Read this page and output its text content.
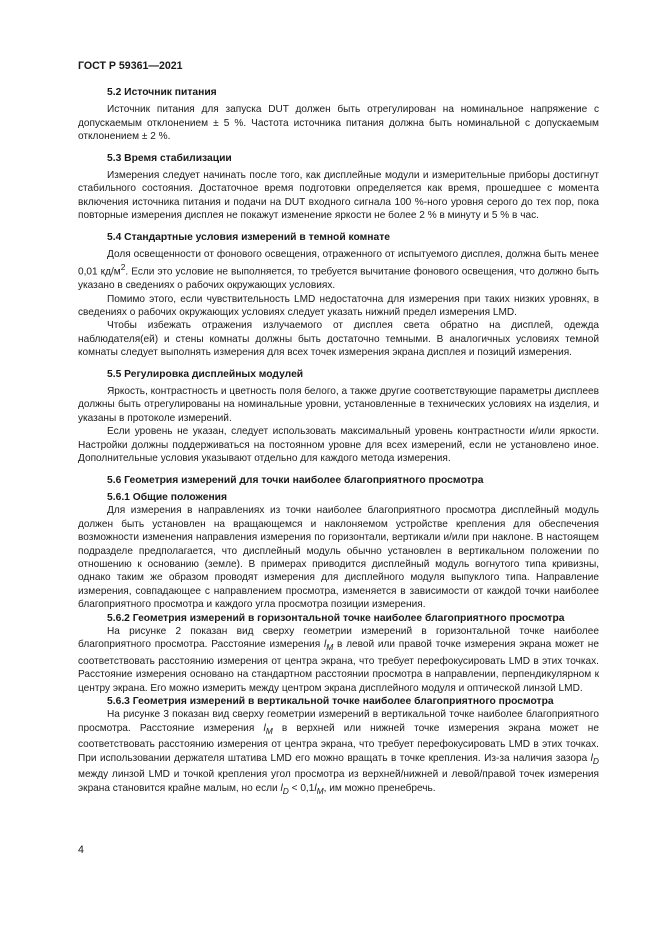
ГОСТ Р 59361—2021

5.2 Источник питания

Источник питания для запуска DUT должен быть отрегулирован на номинальное напряжение с допускаемым отклонением ± 5 %. Частота источника питания должна быть номинальной с допускаемым отклонением ± 2 %.

5.3 Время стабилизации

Измерения следует начинать после того, как дисплейные модули и измерительные приборы достигнут стабильного состояния. Достаточное время подготовки определяется как время, прошедшее с момента включения источника питания и подачи на DUT входного сигнала 100 %-ного уровня серого до тех пор, пока повторные измерения дисплея не покажут изменение яркости не более 2 % в минуту и 5 % в час.

5.4 Стандартные условия измерений в темной комнате

Доля освещенности от фонового освещения, отраженного от испытуемого дисплея, должна быть менее 0,01 $кд/м^2$. Если это условие не выполняется, то требуется вычитание фонового освещения, что должно быть указано в сведениях о рабочих окружающих условиях.

Помимо этого, если чувствительность LMD недостаточна для измерения при таких низких уровнях, в сведениях о рабочих окружающих условиях следует указать нижний предел измерения LMD.

Чтобы избежать отражения излучаемого от дисплея света обратно на дисплей, одежда наблюдателя(ей) и стены комнаты должны быть достаточно темными. В аналогичных условиях темной комнаты следует выполнять измерения для всех точек измерения экрана дисплея и позиций измерения.

5.5 Регулировка дисплейных модулей

Яркость, контрастность и цветность поля белого, а также другие соответствующие параметры дисплеев должны быть отрегулированы на номинальные уровни, установленные в технических условиях на изделия, и указаны в протоколе измерений.

Если уровень не указан, следует использовать максимальный уровень контрастности и/или яркости. Настройки должны поддерживаться на постоянном уровне для всех измерений, если не установлено иное. Дополнительные условия указывают отдельно для каждого метода измерения.

5.6 Геометрия измерений для точки наиболее благоприятного просмотра
5.6.1 Общие положения

Для измерения в направлениях из точки наиболее благоприятного просмотра дисплейный модуль должен быть установлен на вращающемся и наклоняемом устройстве крепления для обеспечения возможности изменения направления измерения по горизонтали, вертикали и/или при наклоне. В настоящем подразделе предполагается, что дисплейный модуль обычно установлен в вертикальном положении по отношению к основанию (земле). В примерах приводится дисплейный модуль вогнутого типа кривизны, однако таким же образом проводят измерения для дисплейного модуля выпуклого типа. Направление измерения, совпадающее с направлением просмотра, изменяется в зависимости от каждой точки наиболее благоприятного просмотра и каждого угла просмотра позиции измерения.

5.6.2 Геометрия измерений в горизонтальной точке наиболее благоприятного просмотра

На рисунке 2 показан вид сверху геометрии измерений в горизонтальной точке наиболее благоприятного просмотра. Расстояние измерения $l_M$ в левой или правой точке измерения экрана может не соответствовать расстоянию измерения от центра экрана, что требует перефокусировать LMD в этих точках. Расстояние измерения основано на стандартном расстоянии просмотра в направлении, перпендикулярном к центру экрана. Его можно измерить между центром экрана дисплейного модуля и оптической линзой LMD.

5.6.3 Геометрия измерений в вертикальной точке наиболее благоприятного просмотра

На рисунке 3 показан вид сверху геометрии измерений в вертикальной точке наиболее благоприятного просмотра. Расстояние измерения $l_M$ в верхней или нижней точке измерения экрана может не соответствовать расстоянию измерения от центра экрана, что требует перефокусировать LMD в этих точках. При использовании держателя штатива LMD его можно вращать в точке крепления. Из-за наличия зазора $l_D$ между линзой LMD и точкой крепления угол просмотра из верхней/нижней и левой/правой точек измерения экрана становится крайне малым, но если $l_D < 0,1l_M$, им можно пренебречь.

4
